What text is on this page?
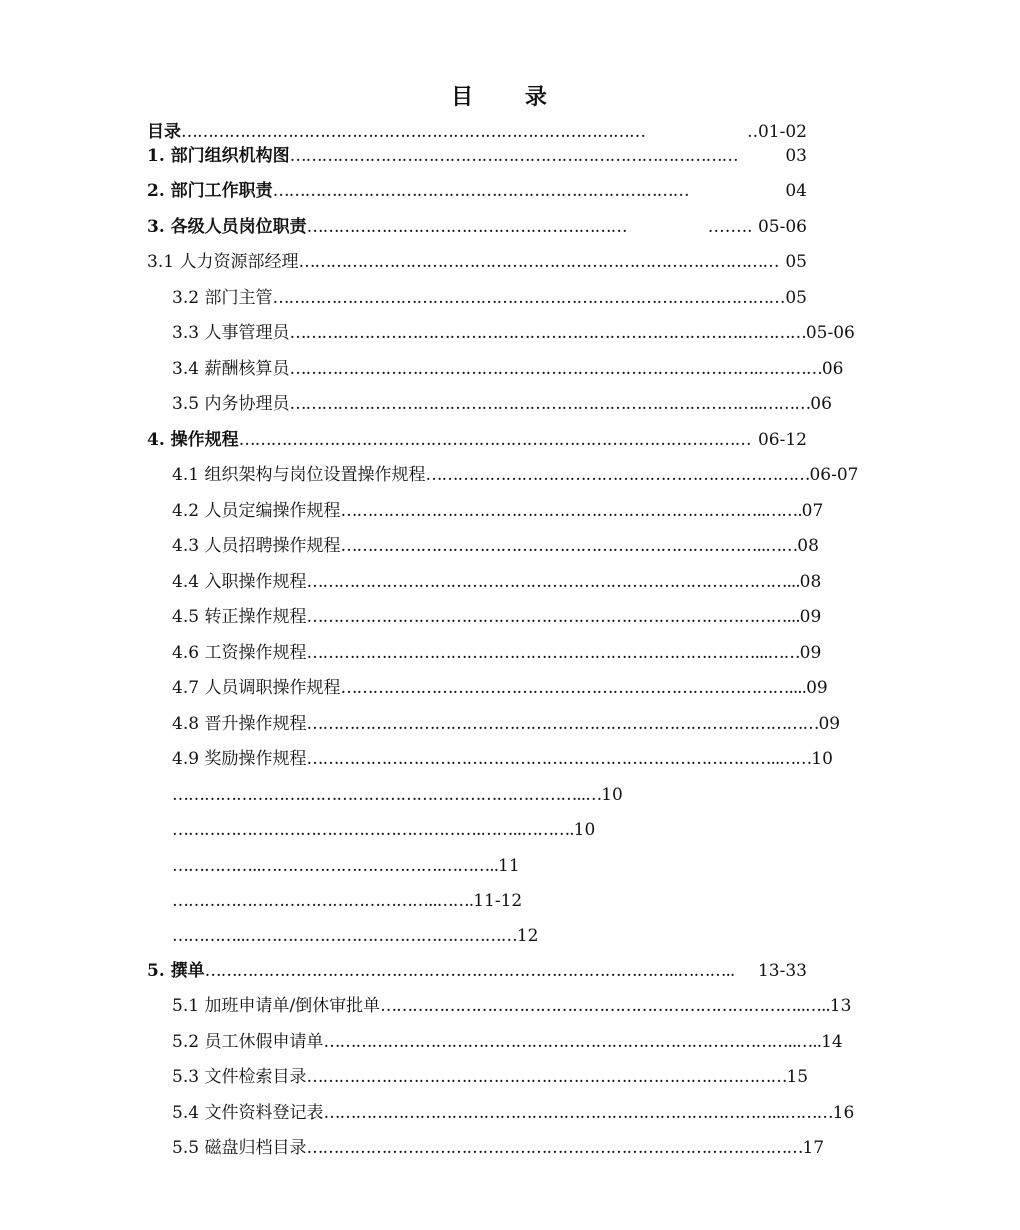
目 录
目录 ……………………………………………………………………………	..01-02
1. 部门组织机构图 …………………………………………………………………………	03
2. 部门工作职责 ……………………………………………………………………	04
3. 各级人员岗位职责 ……………………………………………………	…….. 05-06
3.1 人力资源部经理 ……………………………………………………………………………… 05
3.2 部门主管 …………………………………………………………………………………… 05
3.3 人事管理员 ………………………………………………………………………….………… 05-06
3.4 薪酬核算员 …………………………………………………………………………….………… 06
3.5 内务协理员 ……………………………………………………………………………..……… 06
4. 操作规程 …………………………………………………………………………………… 06-12
4.1 组织架构与岗位设置操作规程 ……………………………………………………………… 06-07
4.2 人员定编操作规程 ……………………………………………………………………..……. 07
4.3 人员招聘操作规程 ……………………………………………………………………..…… 08
4.4 入职操作规程 ………………………………………………………………………………... 08
4.5 转正操作规程 ………………………………………………………………………………... 09
4.6 工资操作规程 …………………………………………………………………………...…… 09
4.7 人员调职操作规程 ………………………………………………………………………….... 09
4.8 晋升操作规程 …………………………………………………………………………………… 09
4.9 奖励操作规程 ……………………………………………………………………………..…… 10
…………………….……………………………………………..… 10
………………………………………………….……..………. 10
……………..…………………………….……….. 11
…………………………………………..……. 11-12
…………..…………………………………………… 12
5. 撰单 ……………………………………………………………………………..………..	13-33
5.1 加班申请单/倒休审批单 ……………………………………………………………………..….. 13
5.2 员工休假申请单 ……………………………………………………………………………..….. 14
5.3 文件检索目录 ……………………………………………………………………………… 15
5.4 文件资料登记表 …………………………………………………………………………...……… 16
5.5 磁盘归档目录 ………………………………………………………………………………… 17
